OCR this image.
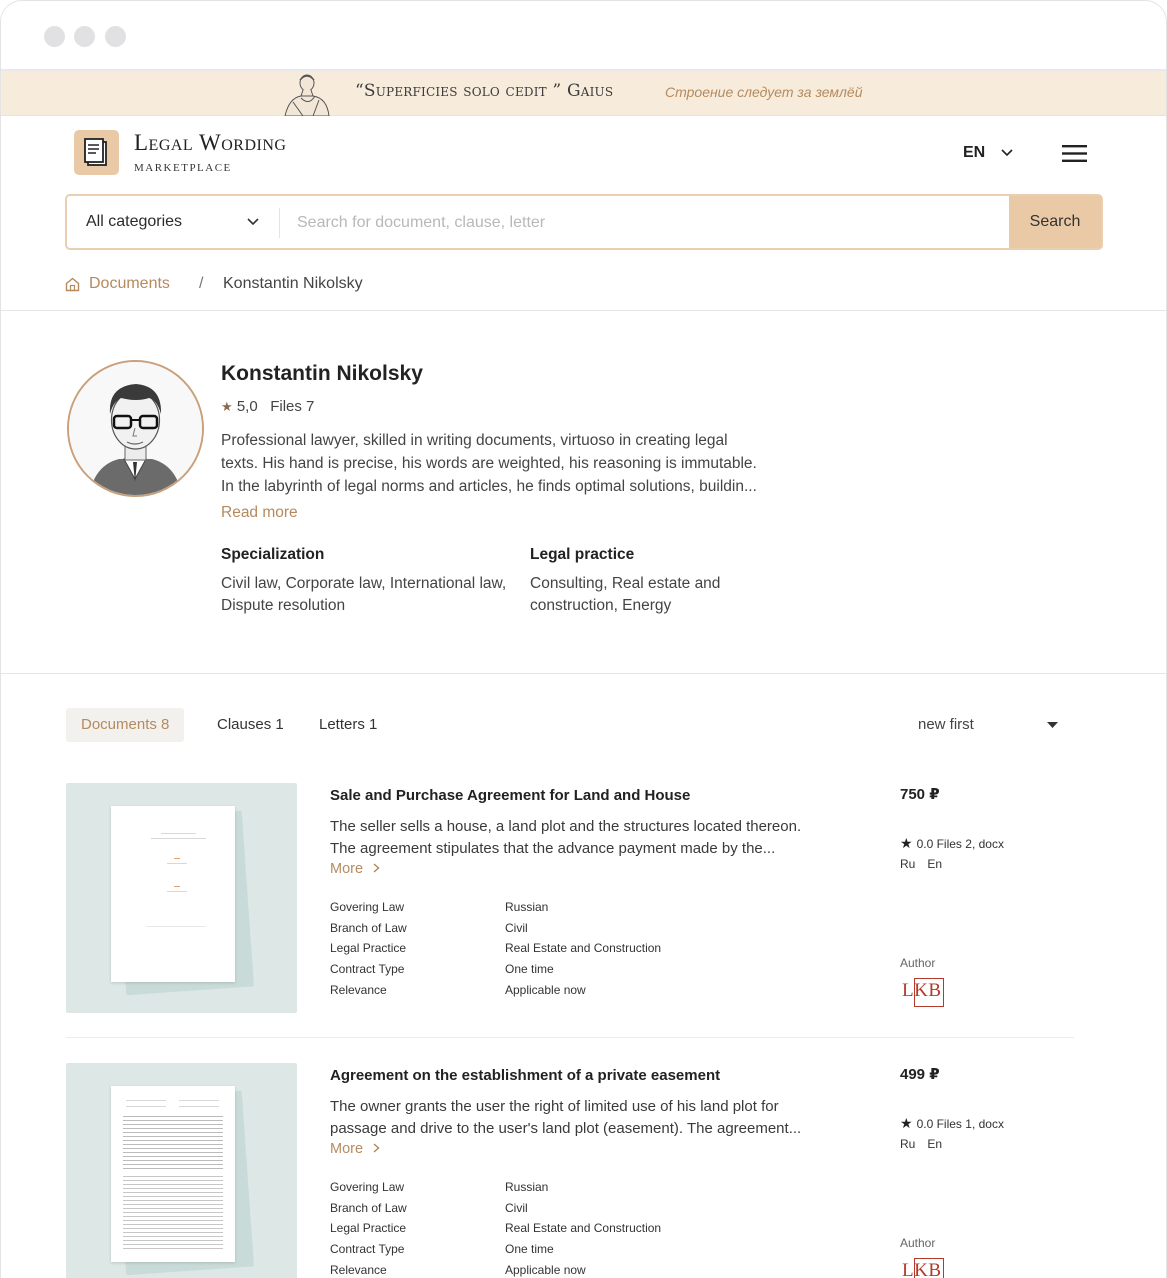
“Superficies solo cedit ” Gaius	Строение следует за землёй
Legal Wording
MARKETPLACE
EN
All categories
Search for document, clause, letter	Search
Documents / Konstantin Nikolsky
Konstantin Nikolsky
★ 5,0 Files 7

Professional lawyer, skilled in writing documents, virtuoso in creating legal

texts. His hand is precise, his words are weighted, his reasoning is immutable.

In the labyrinth of legal norms and articles, he finds optimal solutions, buildin...

Read more
Specialization
Civil law, Corporate law, International law, Dispute resolution
Legal practice
Consulting, Real estate and construction, Energy
Documents 8	Clauses 1 Letters 1	new first
Sale and Purchase Agreement for Land and House

The seller sells a house, a land plot and the structures located thereon.

The agreement stipulates that the advance payment made by the...

More
Govering Law	Russian
Branch of Law	Civil
Legal Practice	Real Estate and Construction
Contract Type	One time
Relevance	Applicable now
750 ₽
★ 0.0 Files 2, docx
Ru En
Author
LKB
Agreement on the establishment of a private easement

The owner grants the user the right of limited use of his land plot for

passage and drive to the user's land plot (easement). The agreement...

More
Govering Law	Russian
Branch of Law	Civil
Legal Practice	Real Estate and Construction
Contract Type	One time
Relevance	Applicable now
499 ₽
★ 0.0 Files 1, docx
Ru En
Author
LKB
